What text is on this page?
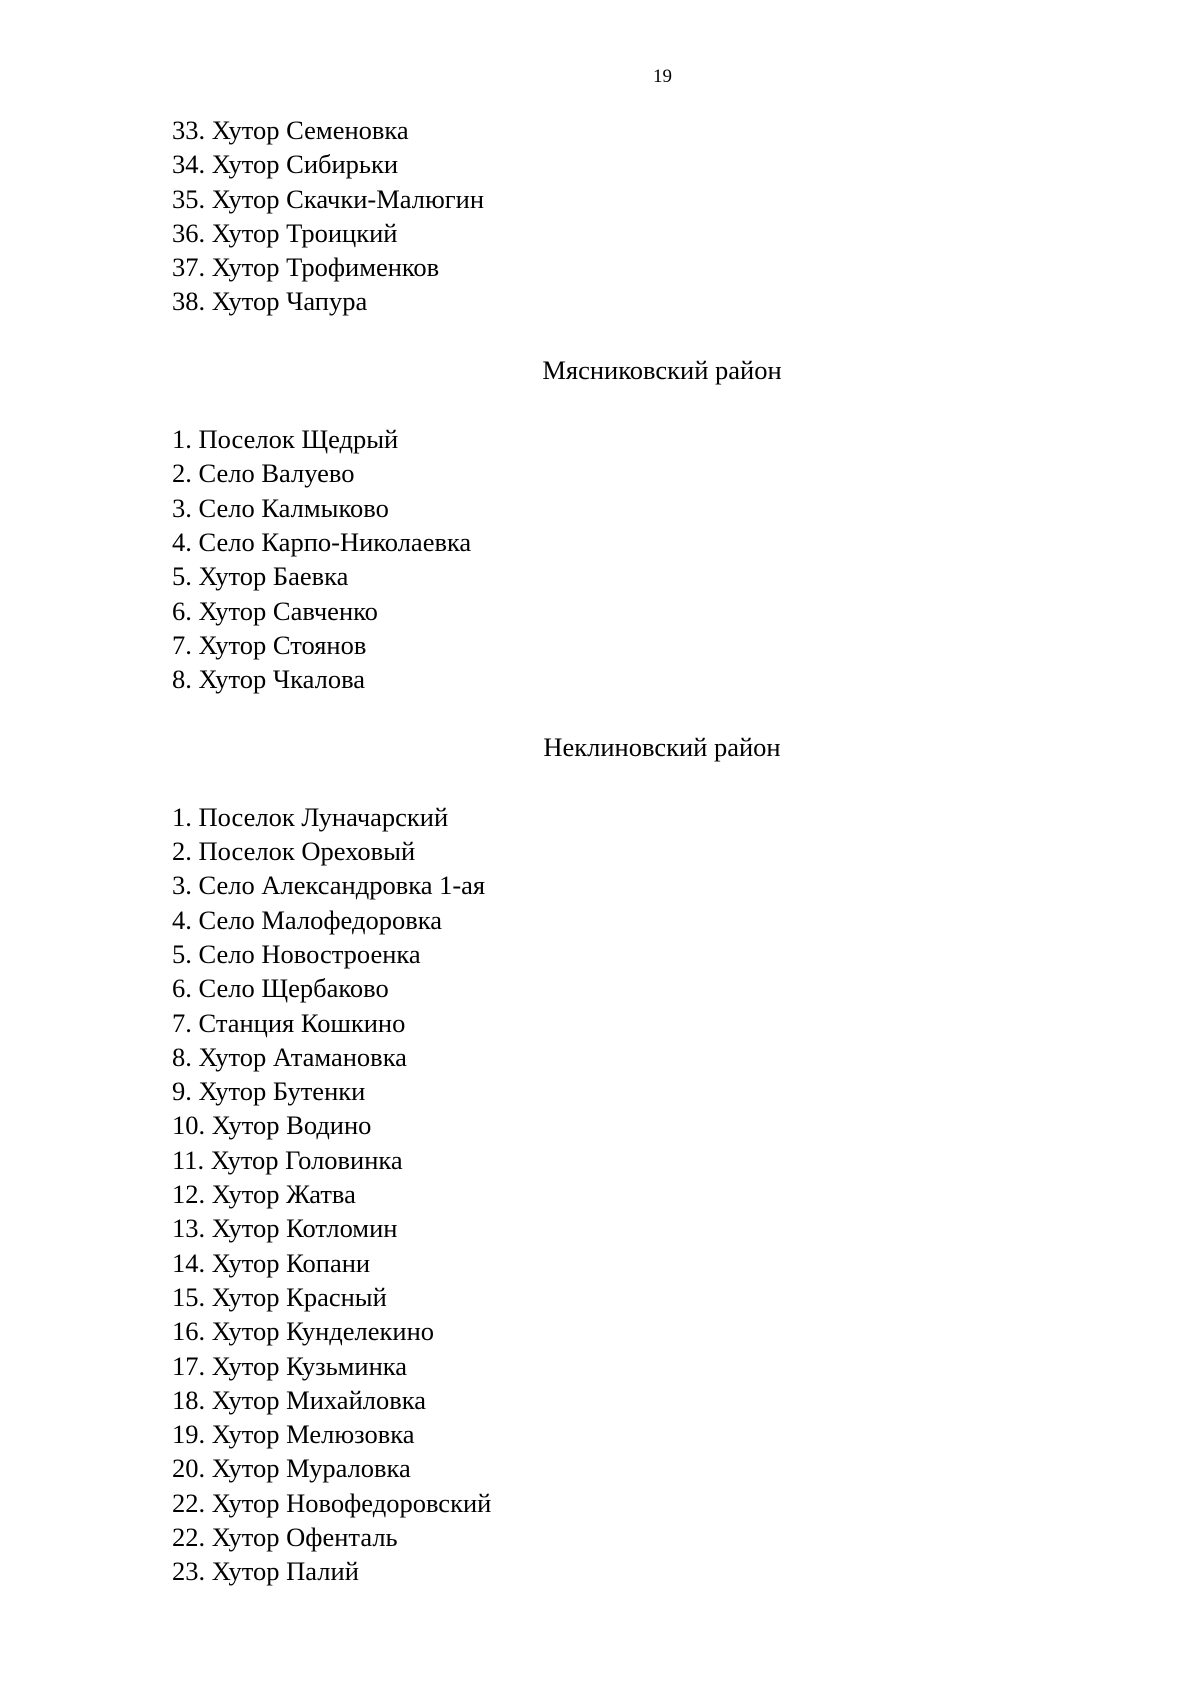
19
33. Хутор Семеновка
34. Хутор Сибирьки
35. Хутор Скачки-Малюгин
36. Хутор Троицкий
37. Хутор Трофименков
38. Хутор Чапура
Мясниковский район
1. Поселок Щедрый
2. Село Валуево
3. Село Калмыково
4. Село Карпо-Николаевка
5. Хутор Баевка
6. Хутор Савченко
7. Хутор Стоянов
8. Хутор Чкалова
Неклиновский район
1. Поселок Луначарский
2. Поселок Ореховый
3. Село Александровка 1-ая
4. Село Малофедоровка
5. Село Новостроенка
6. Село Щербаково
7. Станция Кошкино
8. Хутор Атамановка
9. Хутор Бутенки
10. Хутор Водино
11. Хутор Головинка
12. Хутор Жатва
13. Хутор Котломин
14. Хутор Копани
15. Хутор Красный
16. Хутор Кунделекино
17. Хутор Кузьминка
18. Хутор Михайловка
19. Хутор Мелюзовка
20. Хутор Мураловка
22. Хутор Новофедоровский
22. Хутор Офенталь
23. Хутор Палий
